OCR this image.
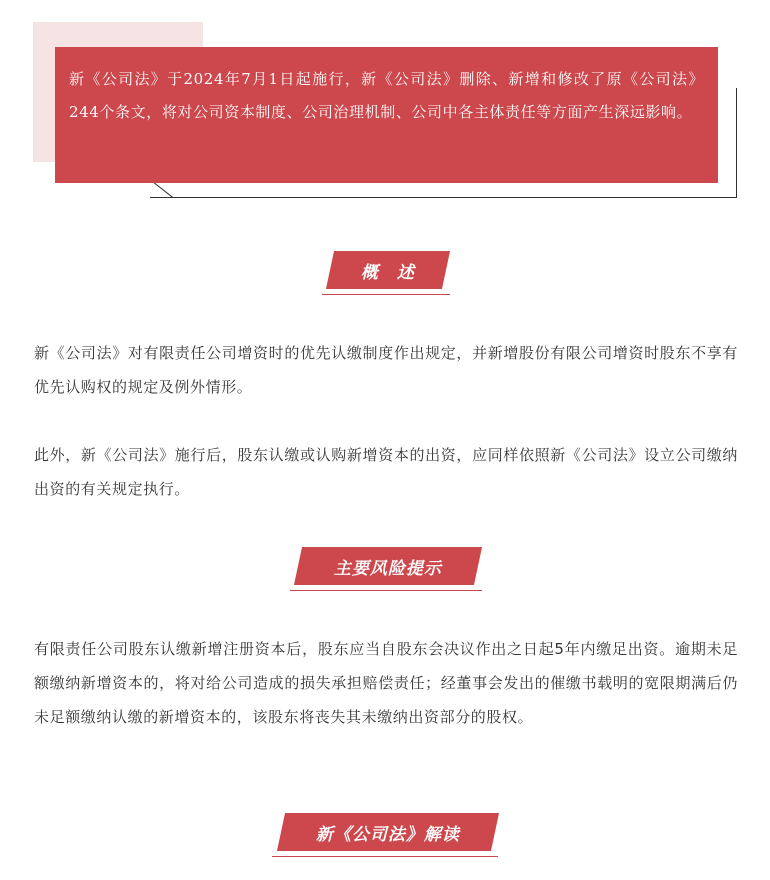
新《公司法》于2024年7月1日起施行，新《公司法》删除、新增和修改了原《公司法》244个条文，将对公司资本制度、公司治理机制、公司中各主体责任等方面产生深远影响。

概　述

新《公司法》对有限责任公司增资时的优先认缴制度作出规定，并新增股份有限公司增资时股东不享有优先认购权的规定及例外情形。

此外，新《公司法》施行后，股东认缴或认购新增资本的出资，应同样依照新《公司法》设立公司缴纳出资的有关规定执行。

主要风险提示

有限责任公司股东认缴新增注册资本后，股东应当自股东会决议作出之日起5年内缴足出资。逾期未足额缴纳新增资本的，将对给公司造成的损失承担赔偿责任；经董事会发出的催缴书载明的宽限期满后仍未足额缴纳认缴的新增资本的，该股东将丧失其未缴纳出资部分的股权。

新《公司法》解读
